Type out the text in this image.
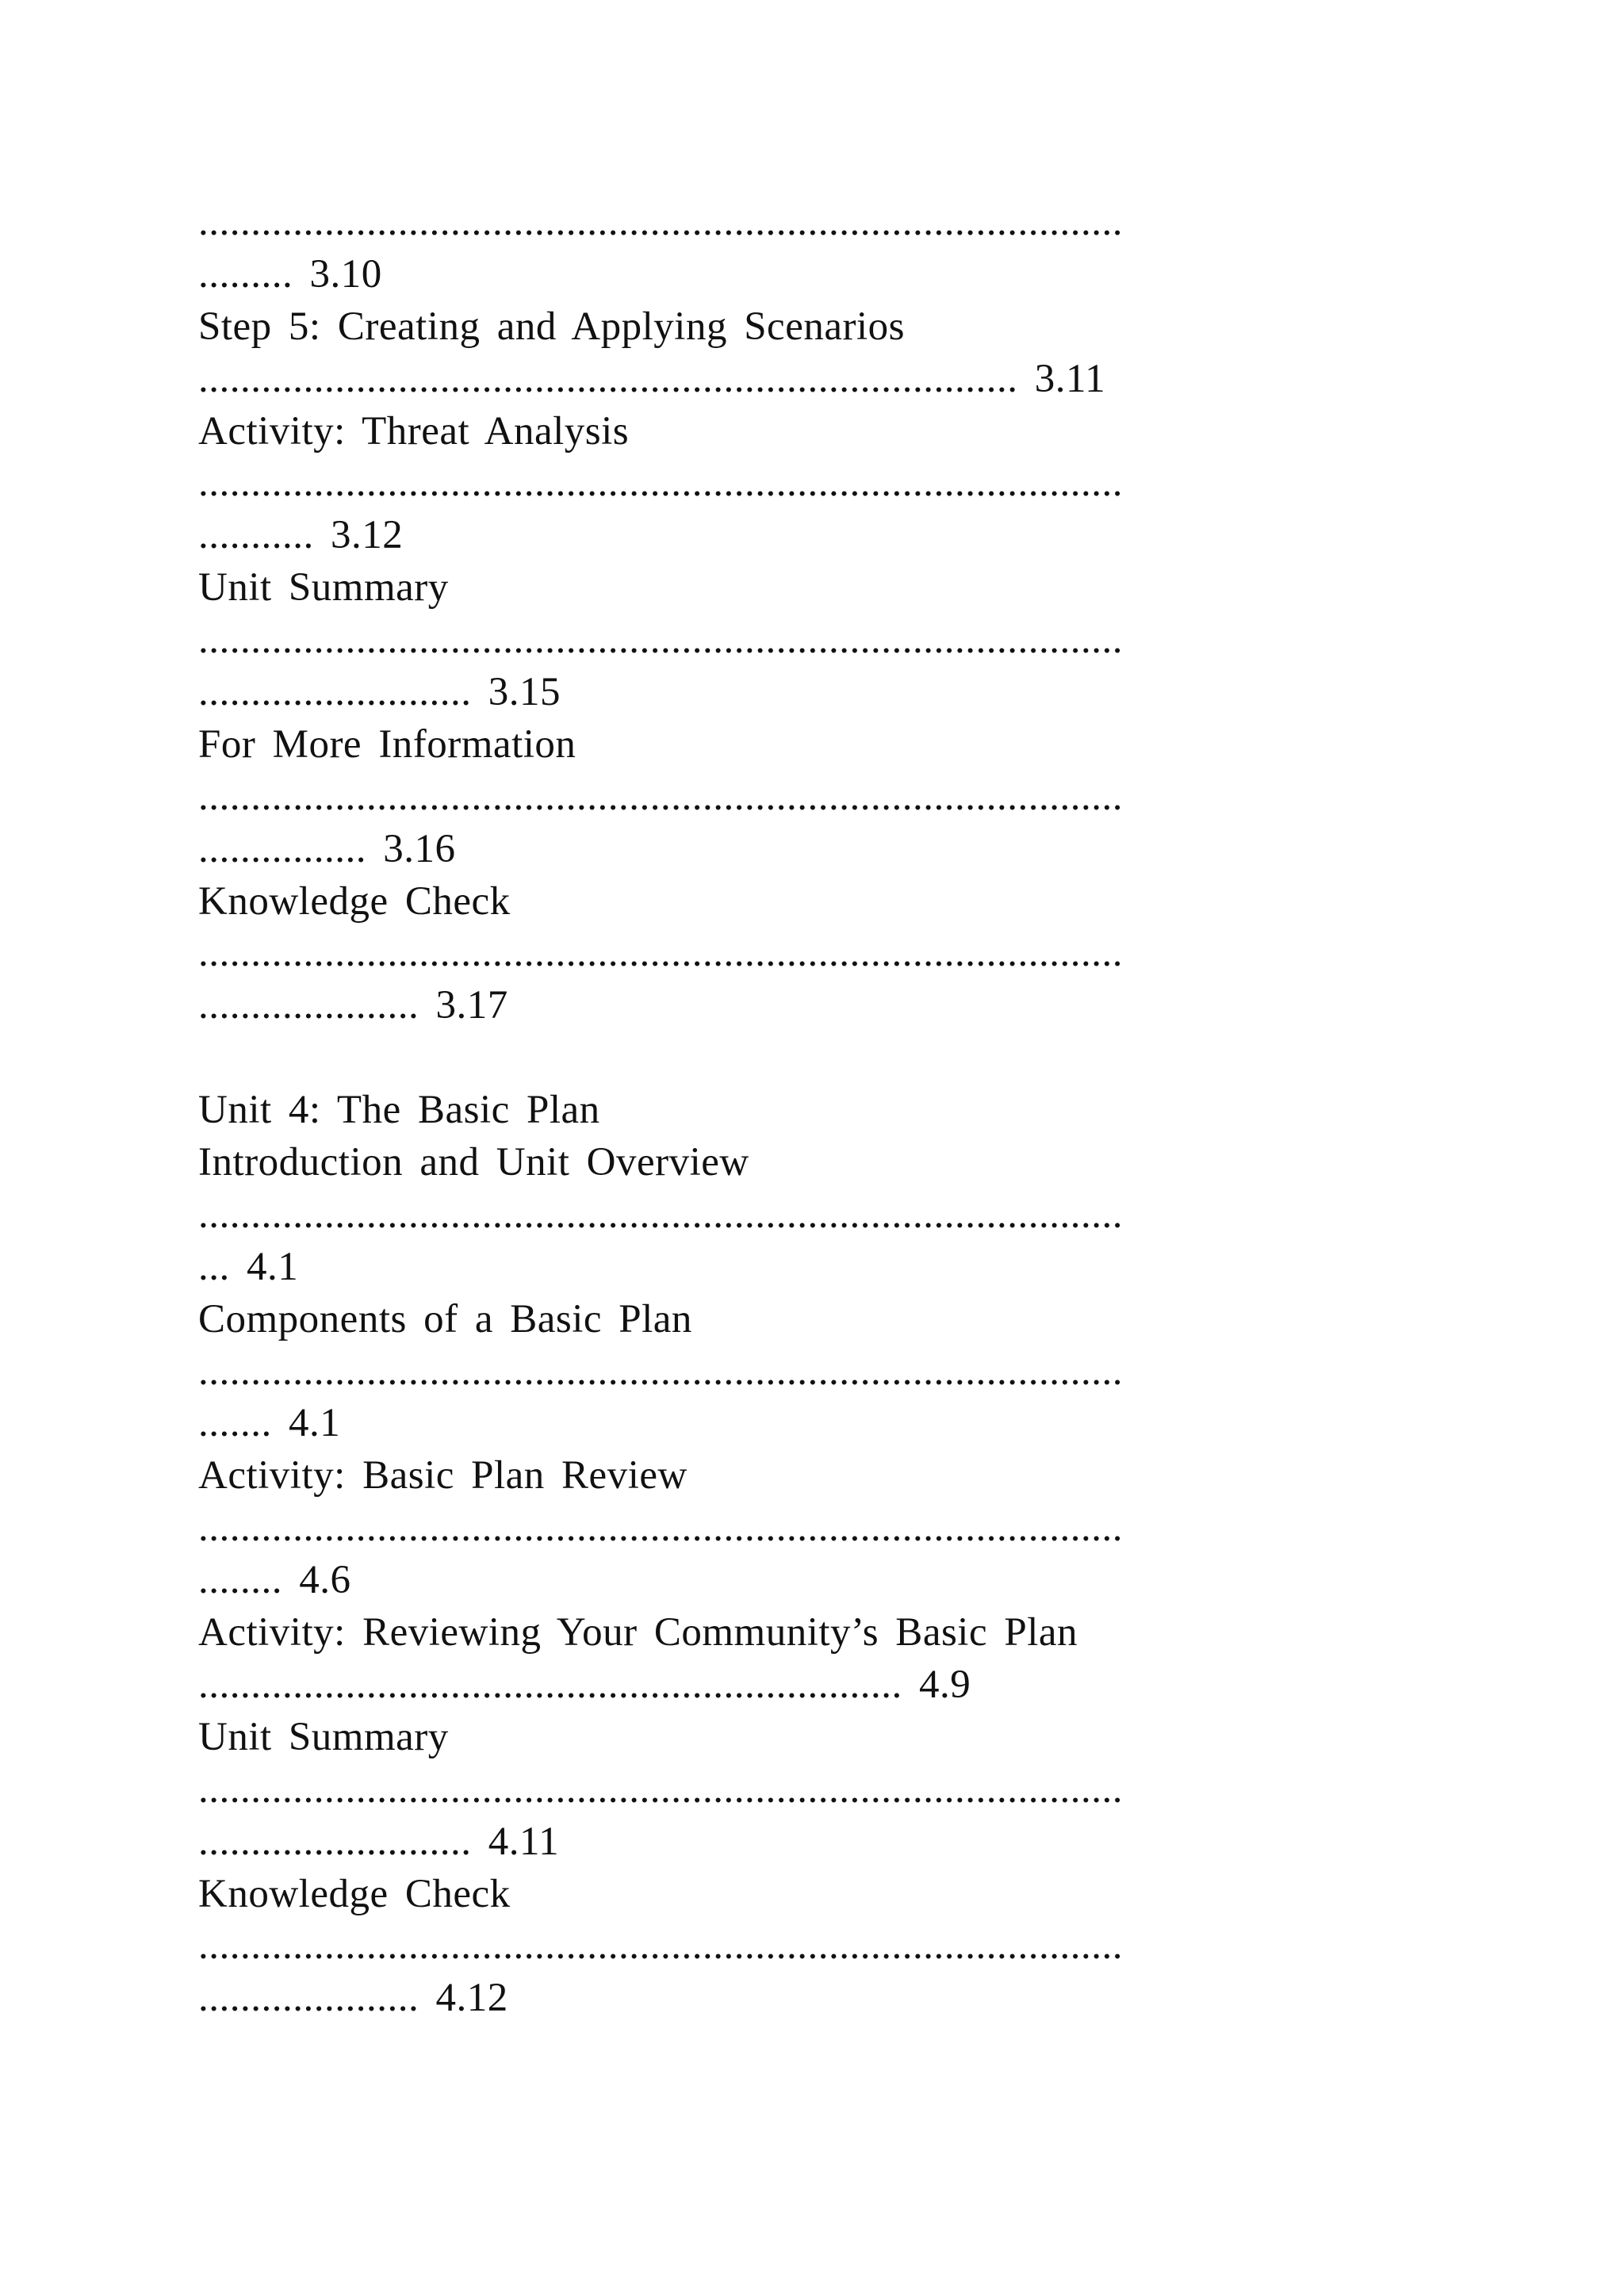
........................................................................................
......... 3.10
Step 5: Creating and Applying Scenarios
.............................................................................. 3.11
Activity: Threat Analysis
........................................................................................
........... 3.12
Unit Summary
........................................................................................
.......................... 3.15
For More Information
........................................................................................
................ 3.16
Knowledge Check
........................................................................................
..................... 3.17
Unit 4: The Basic Plan
Introduction and Unit Overview
........................................................................................
... 4.1
Components of a Basic Plan
........................................................................................
....... 4.1
Activity: Basic Plan Review
........................................................................................
........ 4.6
Activity: Reviewing Your Community’s Basic Plan
................................................................... 4.9
Unit Summary
........................................................................................
.......................... 4.11
Knowledge Check
........................................................................................
..................... 4.12
